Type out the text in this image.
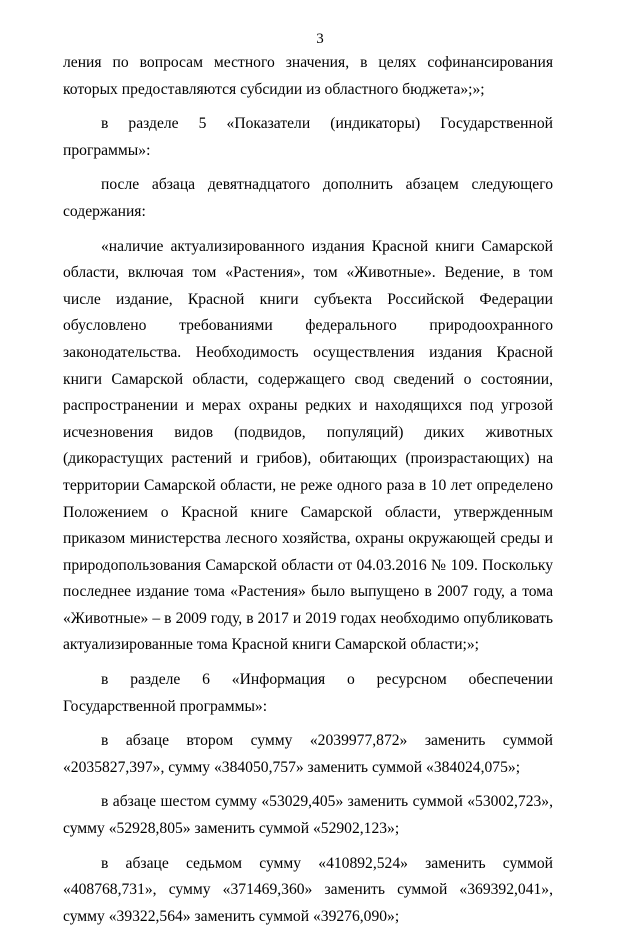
3

ления по вопросам местного значения, в целях софинансирования которых предоставляются субсидии из областного бюджета»;»;

в разделе 5 «Показатели (индикаторы) Государственной программы»:

после абзаца девятнадцатого дополнить абзацем следующего содержания:

«наличие актуализированного издания Красной книги Самарской области, включая том «Растения», том «Животные». Ведение, в том числе издание, Красной книги субъекта Российской Федерации обусловлено требованиями федерального природоохранного законодательства. Необходимость осуществления издания Красной книги Самарской области, содержащего свод сведений о состоянии, распространении и мерах охраны редких и находящихся под угрозой исчезновения видов (подвидов, популяций) диких животных (дикорастущих растений и грибов), обитающих (произрастающих) на территории Самарской области, не реже одного раза в 10 лет определено Положением о Красной книге Самарской области, утвержденным приказом министерства лесного хозяйства, охраны окружающей среды и природопользования Самарской области от 04.03.2016 № 109. Поскольку последнее издание тома «Растения» было выпущено в 2007 году, а тома «Животные» – в 2009 году, в 2017 и 2019 годах необходимо опубликовать актуализированные тома Красной книги Самарской области;»;

в разделе 6 «Информация о ресурсном обеспечении Государственной программы»:

в абзаце втором сумму «2039977,872» заменить суммой «2035827,397», сумму «384050,757» заменить суммой «384024,075»;

в абзаце шестом сумму «53029,405» заменить суммой «53002,723», сумму «52928,805» заменить суммой «52902,123»;

в абзаце седьмом сумму «410892,524» заменить суммой «408768,731», сумму «371469,360» заменить суммой «369392,041», сумму «39322,564» заменить суммой «39276,090»;
